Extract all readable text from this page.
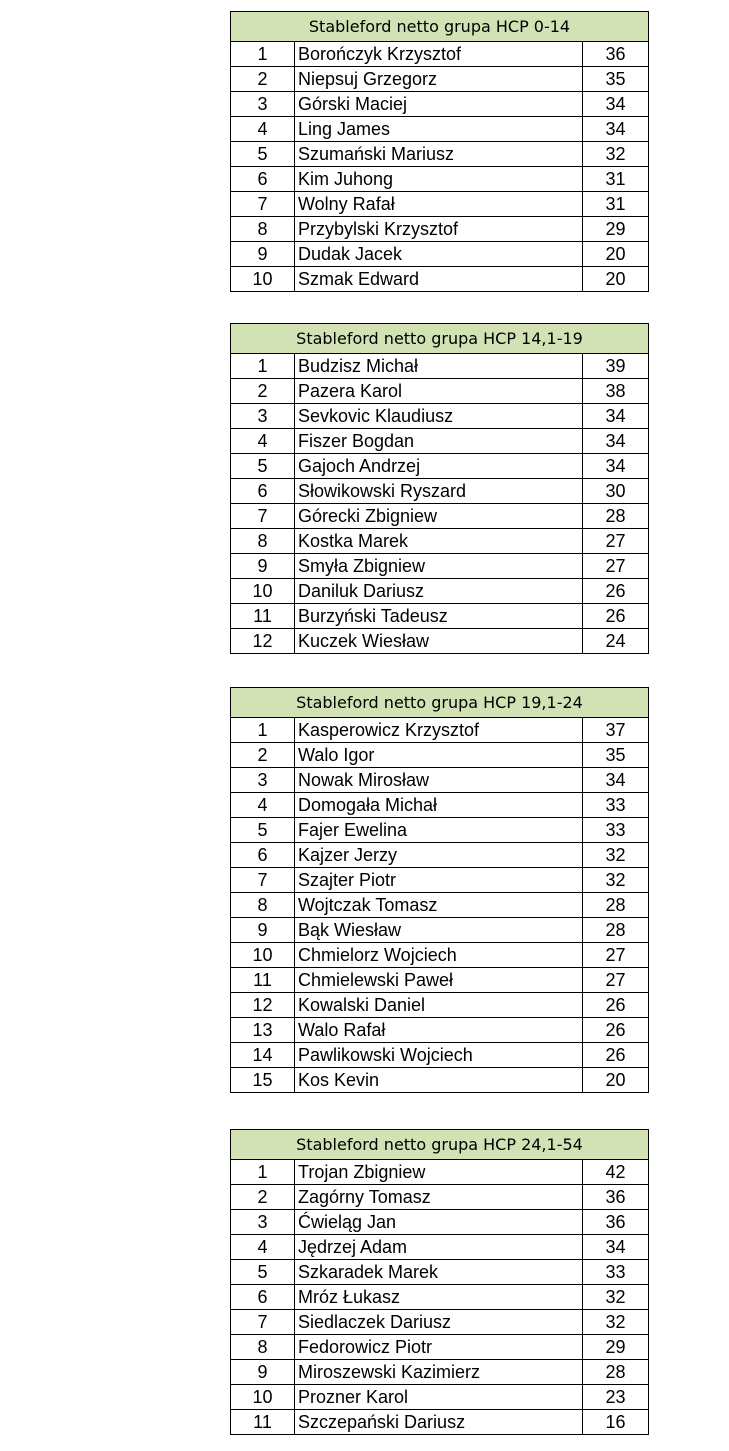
Stableford netto grupa HCP 0-14		
1	Borończyk Krzysztof	36
2	Niepsuj Grzegorz	35
3	Górski Maciej	34
4	Ling James	34
5	Szumański Mariusz	32
6	Kim Juhong	31
7	Wolny Rafał	31
8	Przybylski Krzysztof	29
9	Dudak Jacek	20
10	Szmak Edward	20
Stableford netto grupa HCP 14,1-19		
1	Budzisz Michał	39
2	Pazera Karol	38
3	Sevkovic Klaudiusz	34
4	Fiszer Bogdan	34
5	Gajoch Andrzej	34
6	Słowikowski Ryszard	30
7	Górecki Zbigniew	28
8	Kostka Marek	27
9	Smyła Zbigniew	27
10	Daniluk Dariusz	26
11	Burzyński Tadeusz	26
12	Kuczek Wiesław	24
Stableford netto grupa HCP 19,1-24		
1	Kasperowicz Krzysztof	37
2	Walo Igor	35
3	Nowak Mirosław	34
4	Domogała Michał	33
5	Fajer Ewelina	33
6	Kajzer Jerzy	32
7	Szajter Piotr	32
8	Wojtczak Tomasz	28
9	Bąk Wiesław	28
10	Chmielorz Wojciech	27
11	Chmielewski Paweł	27
12	Kowalski Daniel	26
13	Walo Rafał	26
14	Pawlikowski Wojciech	26
15	Kos Kevin	20
Stableford netto grupa HCP 24,1-54		
1	Trojan Zbigniew	42
2	Zagórny Tomasz	36
3	Ćwieląg Jan	36
4	Jędrzej Adam	34
5	Szkaradek Marek	33
6	Mróz Łukasz	32
7	Siedlaczek Dariusz	32
8	Fedorowicz Piotr	29
9	Miroszewski Kazimierz	28
10	Prozner Karol	23
11	Szczepański Dariusz	16
